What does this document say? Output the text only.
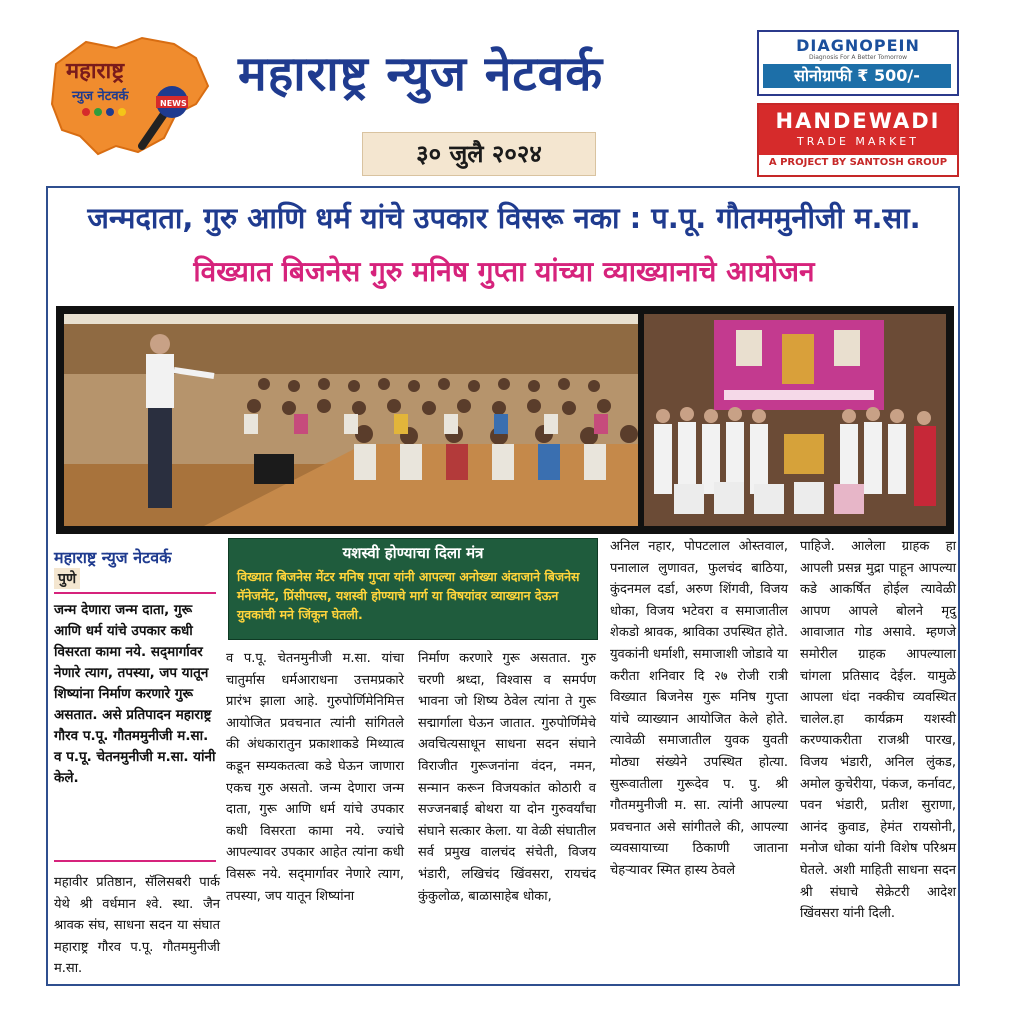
महाराष्ट्र
न्युज नेटवर्क	NEWS
महाराष्ट्र न्युज नेटवर्क
३० जुलै २०२४
DIAGNOPEIN
Diagnosis For A Better Tomorrow
सोनोग्राफी ₹ 500/-
HANDEWADI
TRADE MARKET
A PROJECT BY SANTOSH GROUP
जन्मदाता, गुरु आणि धर्म यांचे उपकार विसरू नका : प.पू. गौतममुनीजी म.सा.
विख्यात बिजनेस गुरु मनिष गुप्ता यांच्या व्याख्यानाचे आयोजन
महाराष्ट्र न्युज नेटवर्क
पुणे
जन्म देणारा जन्म दाता, गुरू आणि धर्म यांचे उपकार कधी विसरता कामा नये. सद्‌मार्गावर नेणारे त्याग, तपस्या, जप यातून शिष्यांना निर्माण करणारे गुरू असतात. असे प्रतिपादन महाराष्ट्र गौरव प.पू. गौतममुनीजी म.सा. व प.पू. चेतनमुनीजी म.सा. यांनी केले.
महावीर प्रतिष्ठान, सॅलिसबरी पार्क येथे श्री वर्धमान श्वे. स्था. जैन श्रावक संघ, साधना सदन या संघात महाराष्ट्र गौरव प.पू. गौतममुनीजी म.सा.
यशस्वी होण्याचा दिला मंत्र
विख्यात बिजनेस मेंटर मनिष गुप्ता यांनी आपल्या अनोख्या अंदाजाने बिजनेस मॅनेजमेंट, प्रिंसीपल्स, यशस्वी होण्याचे मार्ग या विषयांवर व्याख्यान देऊन युवकांची मने जिंकून घेतली.
व प.पू. चेतनमुनीजी म.सा. यांचा चातुर्मास धर्मआराधना उत्तमप्रकारे प्रारंभ झाला आहे. गुरुपोर्णिमेनिमित्त आयोजित प्रवचनात त्यांनी सांगितले की अंधकारातुन प्रकाशाकडे मिथ्यात्व कडून सम्यकतत्वा कडे घेऊन जाणारा एकच गुरु असतो. जन्म देणारा जन्म दाता, गुरू आणि धर्म यांचे उपकार कधी विसरता कामा नये. ज्यांचे आपल्यावर उपकार आहेत त्यांना कधी विसरू नये. सद्‌मार्गावर नेणारे त्याग, तपस्या, जप यातून शिष्यांना
निर्माण करणारे गुरू असतात. गुरु चरणी श्रध्दा, विश्वास व समर्पण भावना जो शिष्य ठेवेल त्यांना ते गुरू सद्मार्गाला घेऊन जातात. गुरुपोर्णिमेचे अवचित्यसाधून साधना सदन संघाने विराजीत गुरूजनांना वंदन, नमन, सन्मान करून विजयकांत कोठारी व सज्जनबाई बोथरा या दोन गुरुवर्यांचा संघाने सत्कार केला. या वेळी संघातील सर्व प्रमुख वालचंद संचेती, विजय भंडारी, लखिचंद खिंवसरा, रायचंद कुंकुलोळ, बाळासाहेब धोका,
अनिल नहार, पोपटलाल ओस्तवाल, पनालाल लुणावत, फुलचंद बाठिया, कुंदनमल दर्डा, अरुण शिंगवी, विजय धोका, विजय भटेवरा व समाजातील शेकडो श्रावक, श्राविका उपस्थित होते. युवकांनी धर्माशी, समाजाशी जोडावे या करीता शनिवार दि २७ रोजी रात्री विख्यात बिजनेस गुरू मनिष गुप्ता यांचे व्याख्यान आयोजित केले होते. त्यावेळी समाजातील युवक युवती मोठ्या संख्येने उपस्थित होत्या. सुरूवातीला गुरूदेव प. पु. श्री गौतममुनीजी म. सा. त्यांनी आपल्या प्रवचनात असे सांगीतले की, आपल्या व्यवसायाच्या ठिकाणी जाताना चेहऱ्यावर स्मित हास्य ठेवले
पाहिजे. आलेला ग्राहक हा आपली प्रसन्न मुद्रा पाहून आपल्या कडे आकर्षित होईल त्यावेळी आपण आपले बोलने मृदु आवाजात गोड असावे. म्हणजे समोरील ग्राहक आपल्याला चांगला प्रतिसाद देईल. यामुळे आपला धंदा नक्कीच व्यवस्थित चालेल.हा कार्यक्रम यशस्वी करण्याकरीता राजश्री पारख, विजय भंडारी, अनिल लुंकड, अमोल कुचेरीया, पंकज, कर्नावट, पवन भंडारी, प्रतीश सुराणा, आनंद कुवाड, हेमंत रायसोनी, मनोज धोका यांनी विशेष परिश्रम घेतले. अशी माहिती साधना सदन श्री संघाचे सेक्रेटरी आदेश खिंवसरा यांनी दिली.
